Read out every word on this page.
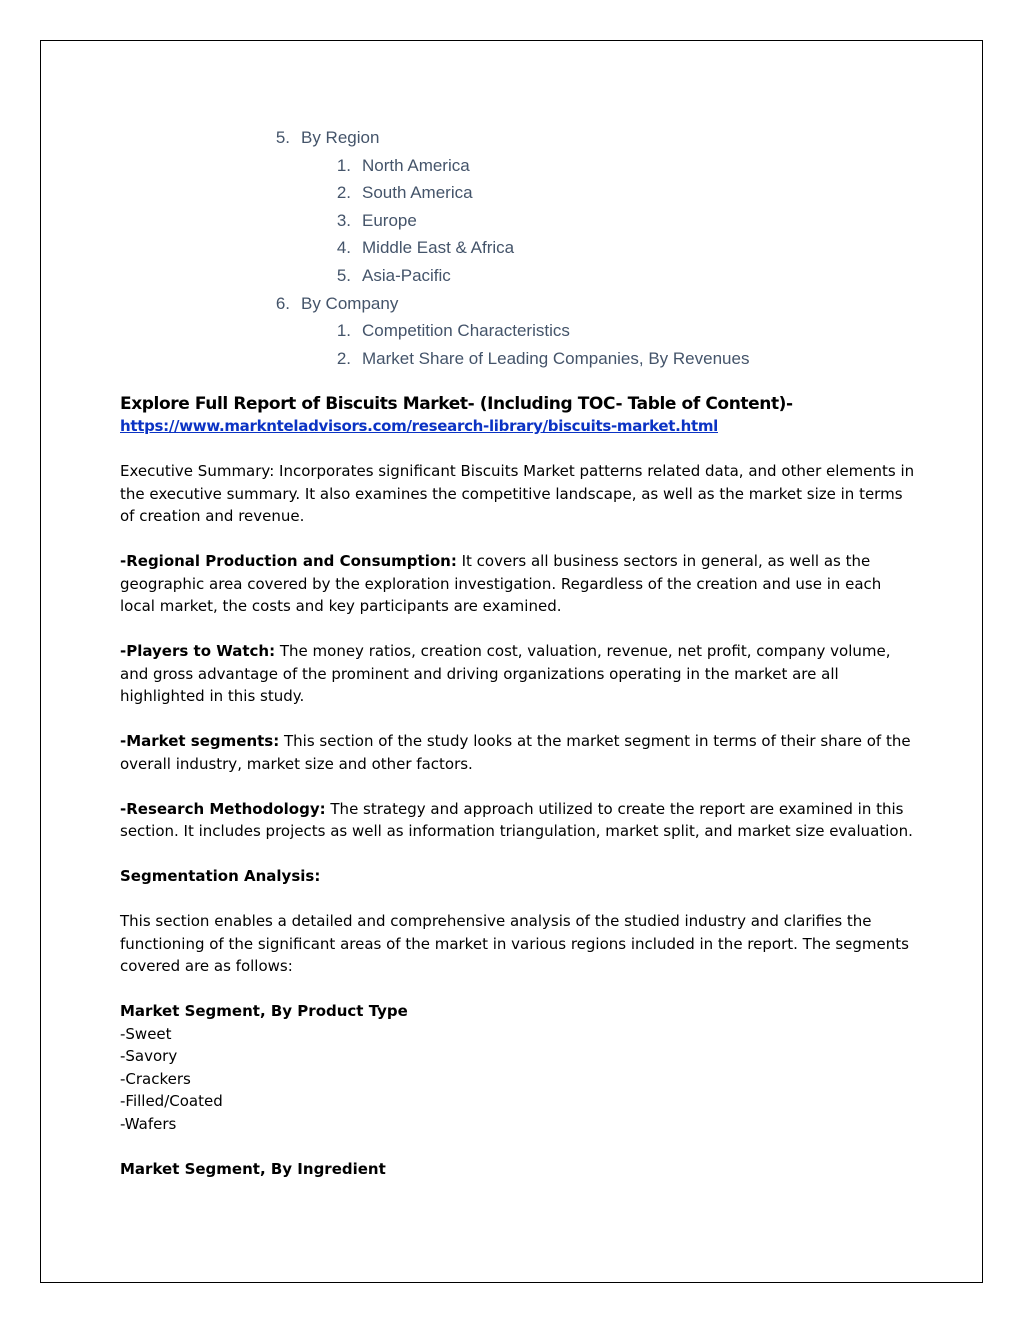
5. By Region
1. North America
2. South America
3. Europe
4. Middle East & Africa
5. Asia-Pacific
6. By Company
1. Competition Characteristics
2. Market Share of Leading Companies, By Revenues

Explore Full Report of Biscuits Market- (Including TOC- Table of Content)-

https://www.marknteladvisors.com/research-library/biscuits-market.html

Executive Summary: Incorporates significant Biscuits Market patterns related data, and other elements in the executive summary. It also examines the competitive landscape, as well as the market size in terms of creation and revenue.

-Regional Production and Consumption: It covers all business sectors in general, as well as the geographic area covered by the exploration investigation. Regardless of the creation and use in each local market, the costs and key participants are examined.

-Players to Watch: The money ratios, creation cost, valuation, revenue, net profit, company volume, and gross advantage of the prominent and driving organizations operating in the market are all highlighted in this study.

-Market segments: This section of the study looks at the market segment in terms of their share of the overall industry, market size and other factors.

-Research Methodology: The strategy and approach utilized to create the report are examined in this section. It includes projects as well as information triangulation, market split, and market size evaluation.

Segmentation Analysis:

This section enables a detailed and comprehensive analysis of the studied industry and clarifies the functioning of the significant areas of the market in various regions included in the report. The segments covered are as follows:

Market Segment, By Product Type

-Sweet

-Savory

-Crackers

-Filled/Coated

-Wafers

Market Segment, By Ingredient
